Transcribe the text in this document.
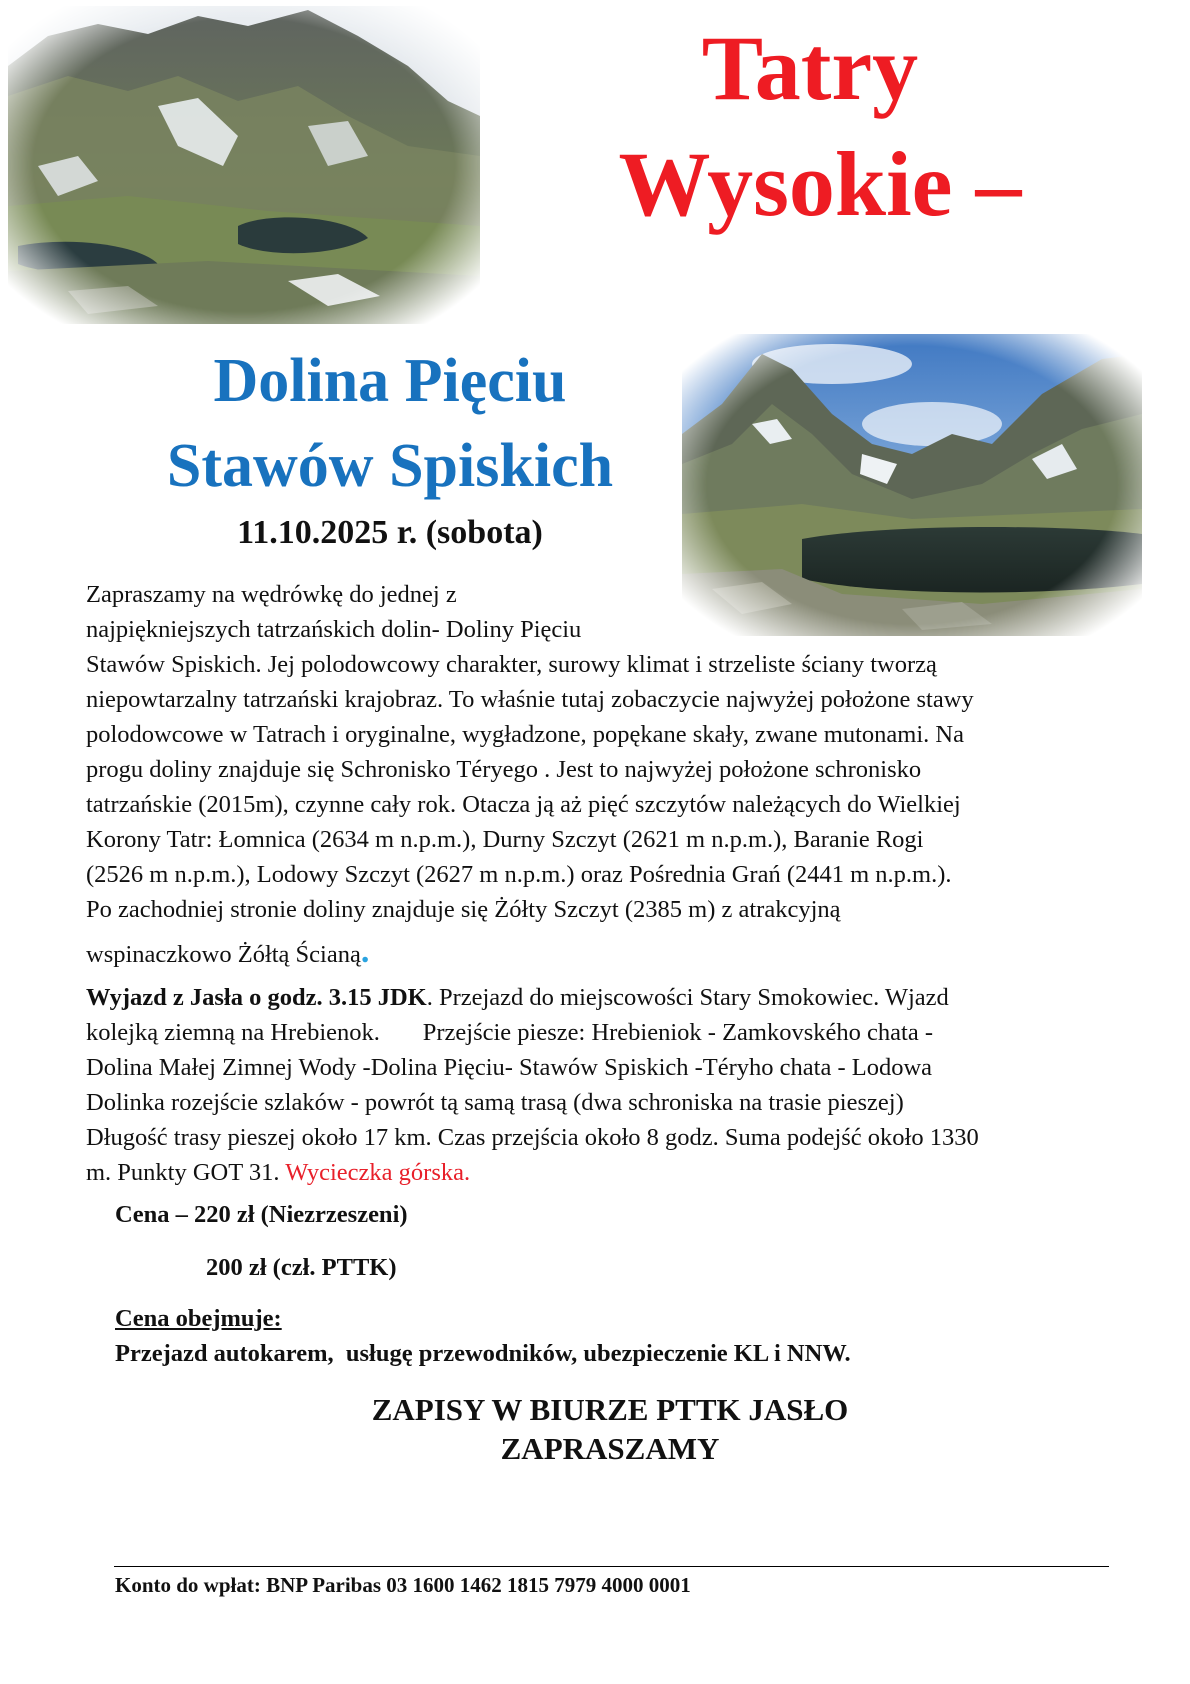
Tatry
Wysokie –
Dolina Pięciu
Stawów Spiskich
11.10.2025 r. (sobota)
Zapraszamy na wędrówkę do jednej z
najpiękniejszych tatrzańskich dolin- Doliny Pięciu
Stawów Spiskich. Jej polodowcowy charakter, surowy klimat i strzeliste ściany tworzą
niepowtarzalny tatrzański krajobraz. To właśnie tutaj zobaczycie najwyżej położone stawy
polodowcowe w Tatrach i oryginalne, wygładzone, popękane skały, zwane mutonami. Na
progu doliny znajduje się Schronisko Téryego . Jest to najwyżej położone schronisko
tatrzańskie (2015m), czynne cały rok. Otacza ją aż pięć szczytów należących do Wielkiej
Korony Tatr: Łomnica (2634 m n.p.m.), Durny Szczyt (2621 m n.p.m.), Baranie Rogi
(2526 m n.p.m.), Lodowy Szczyt (2627 m n.p.m.) oraz Pośrednia Grań (2441 m n.p.m.).
Po zachodniej stronie doliny znajduje się Żółty Szczyt (2385 m) z atrakcyjną
wspinaczkowo Żółtą Ścianą.
Wyjazd z Jasła o godz. 3.15 JDK. Przejazd do miejscowości Stary Smokowiec. Wjazd
kolejką ziemną na Hrebienok.       Przejście piesze: Hrebieniok - Zamkovského chata -
Dolina Małej Zimnej Wody -Dolina Pięciu- Stawów Spiskich -Téryho chata - Lodowa
Dolinka rozejście szlaków - powrót tą samą trasą (dwa schroniska na trasie pieszej)
Długość trasy pieszej około 17 km. Czas przejścia około 8 godz. Suma podejść około 1330
m. Punkty GOT 31. Wycieczka górska.
Cena – 220 zł (Niezrzeszeni)
200 zł (czł. PTTK)
Cena obejmuje:
Przejazd autokarem,  usługę przewodników, ubezpieczenie KL i NNW.
ZAPISY W BIURZE PTTK JASŁO
ZAPRASZAMY
Konto do wpłat: BNP Paribas 03 1600 1462 1815 7979 4000 0001
